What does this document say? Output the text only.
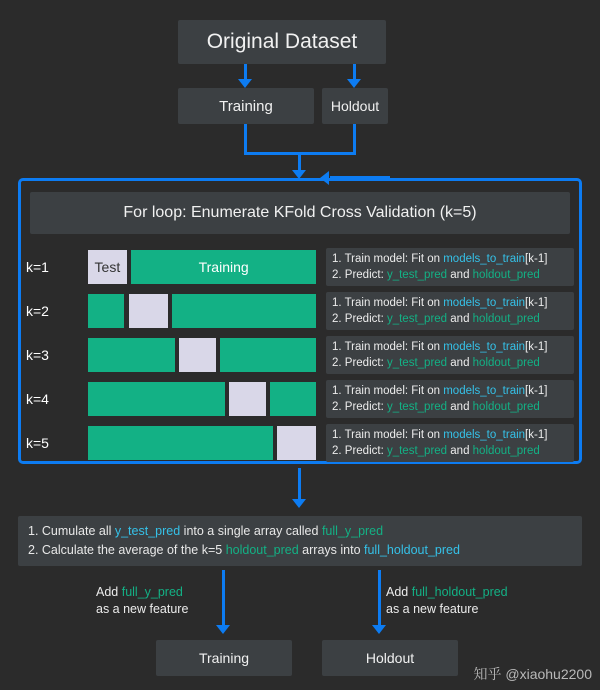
Original Dataset
Training	Holdout
For loop: Enumerate KFold Cross Validation (k=5)
k=1	Test	Training	1. Train model: Fit on models_to_train[k-1]
2. Predict: y_test_pred and holdout_pred
k=2	1. Train model: Fit on models_to_train[k-1]
2. Predict: y_test_pred and holdout_pred
k=3	1. Train model: Fit on models_to_train[k-1]
2. Predict: y_test_pred and holdout_pred
k=4	1. Train model: Fit on models_to_train[k-1]
2. Predict: y_test_pred and holdout_pred
k=5	1. Train model: Fit on models_to_train[k-1]
2. Predict: y_test_pred and holdout_pred
1. Cumulate all y_test_pred into a single array called full_y_pred
2. Calculate the average of the k=5 holdout_pred arrays into full_holdout_pred
Add full_y_pred
as a new feature
Add full_holdout_pred
as a new feature
Training	Holdout
知乎 @xiaohu2200
